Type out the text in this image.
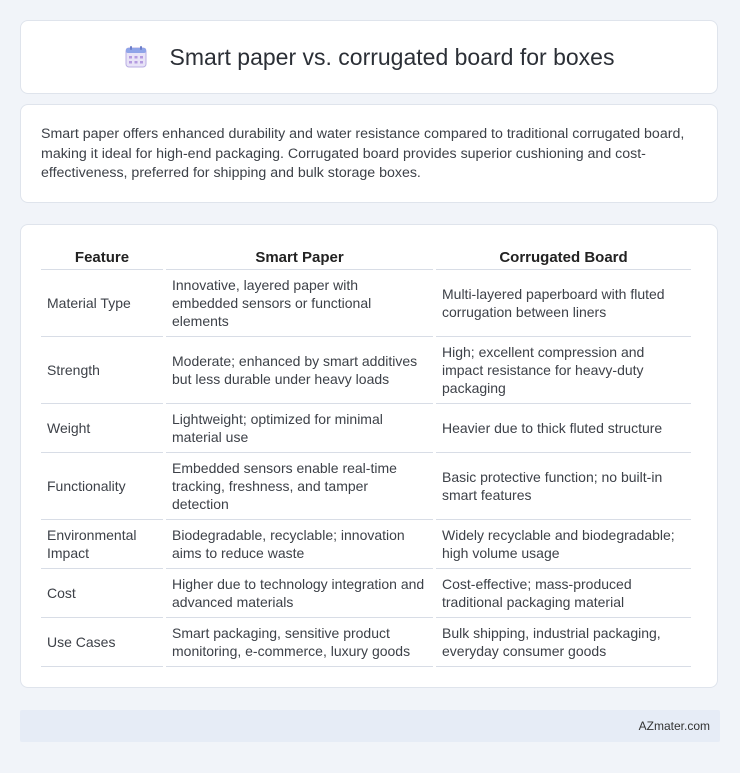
Smart paper vs. corrugated board for boxes

Smart paper offers enhanced durability and water resistance compared to traditional corrugated board, making it ideal for high-end packaging. Corrugated board provides superior cushioning and cost-effectiveness, preferred for shipping and bulk storage boxes.

Feature	Smart Paper	Corrugated Board
Material Type	Innovative, layered paper with embedded sensors or functional elements	Multi-layered paperboard with fluted corrugation between liners
Strength	Moderate; enhanced by smart additives but less durable under heavy loads	High; excellent compression and impact resistance for heavy-duty packaging
Weight	Lightweight; optimized for minimal material use	Heavier due to thick fluted structure
Functionality	Embedded sensors enable real-time tracking, freshness, and tamper detection	Basic protective function; no built-in smart features
Environmental Impact	Biodegradable, recyclable; innovation aims to reduce waste	Widely recyclable and biodegradable; high volume usage
Cost	Higher due to technology integration and advanced materials	Cost-effective; mass-produced traditional packaging material
Use Cases	Smart packaging, sensitive product monitoring, e-commerce, luxury goods	Bulk shipping, industrial packaging, everyday consumer goods
AZmater.com
